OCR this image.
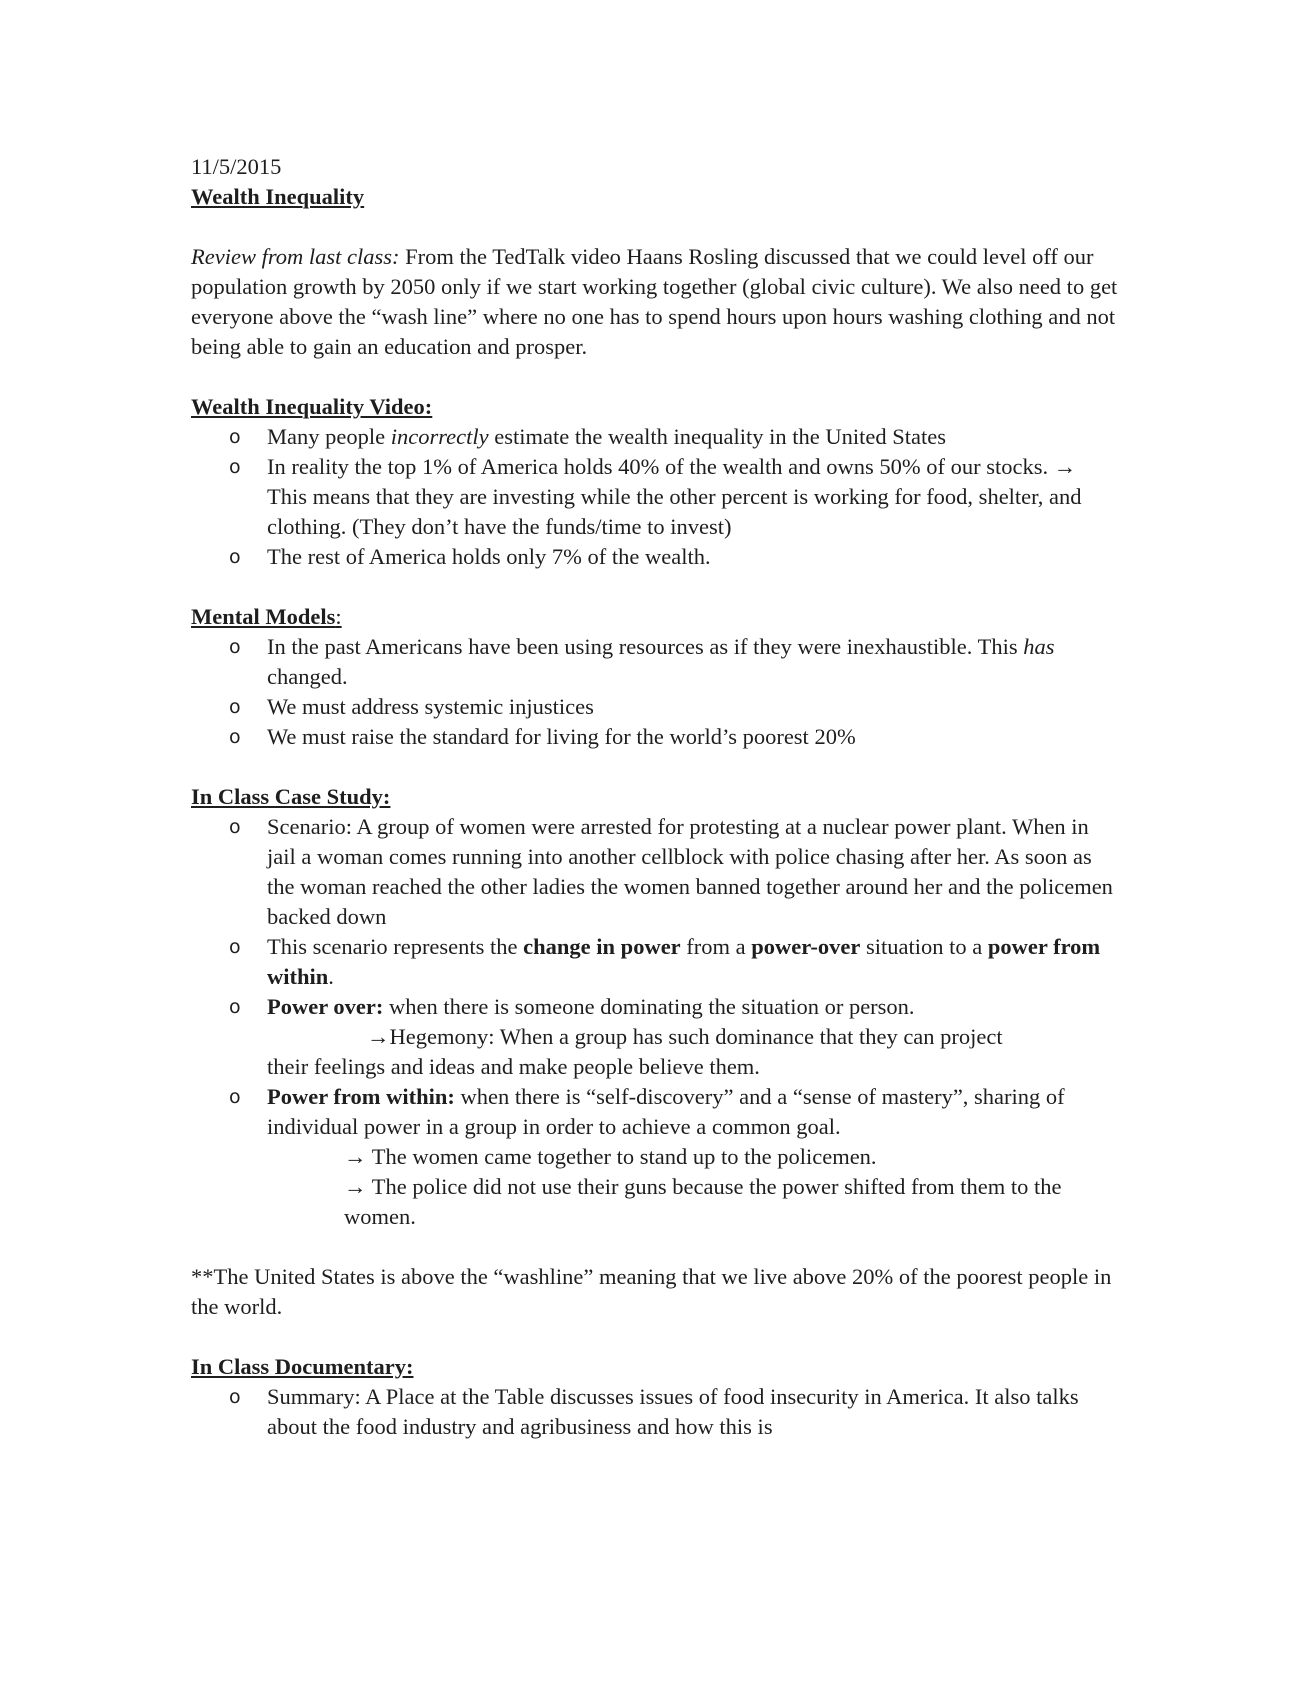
11/5/2015

Wealth Inequality

Review from last class: From the TedTalk video Haans Rosling discussed that we could level off our population growth by 2050 only if we start working together (global civic culture). We also need to get everyone above the “wash line” where no one has to spend hours upon hours washing clothing and not being able to gain an education and prosper.

Wealth Inequality Video:

o Many people incorrectly estimate the wealth inequality in the United States
o In reality the top 1% of America holds 40% of the wealth and owns 50% of our stocks. → This means that they are investing while the other percent is working for food, shelter, and clothing. (They don’t have the funds/time to invest)
o The rest of America holds only 7% of the wealth.

Mental Models:

o In the past Americans have been using resources as if they were inexhaustible. This has changed.
o We must address systemic injustices
o We must raise the standard for living for the world’s poorest 20%

In Class Case Study:

o Scenario: A group of women were arrested for protesting at a nuclear power plant. When in jail a woman comes running into another cellblock with police chasing after her. As soon as the woman reached the other ladies the women banned together around her and the policemen backed down
o This scenario represents the change in power from a power-over situation to a power from within.
o Power over: when there is someone dominating the situation or person.
→Hegemony: When a group has such dominance that they can project
their feelings and ideas and make people believe them.
o Power from within: when there is “self-discovery” and a “sense of mastery”, sharing of individual power in a group in order to achieve a common goal.
→ The women came together to stand up to the policemen.
→ The police did not use their guns because the power shifted from them to the women.

**The United States is above the “washline” meaning that we live above 20% of the poorest people in the world.

In Class Documentary:

o Summary: A Place at the Table discusses issues of food insecurity in America. It also talks about the food industry and agribusiness and how this is
